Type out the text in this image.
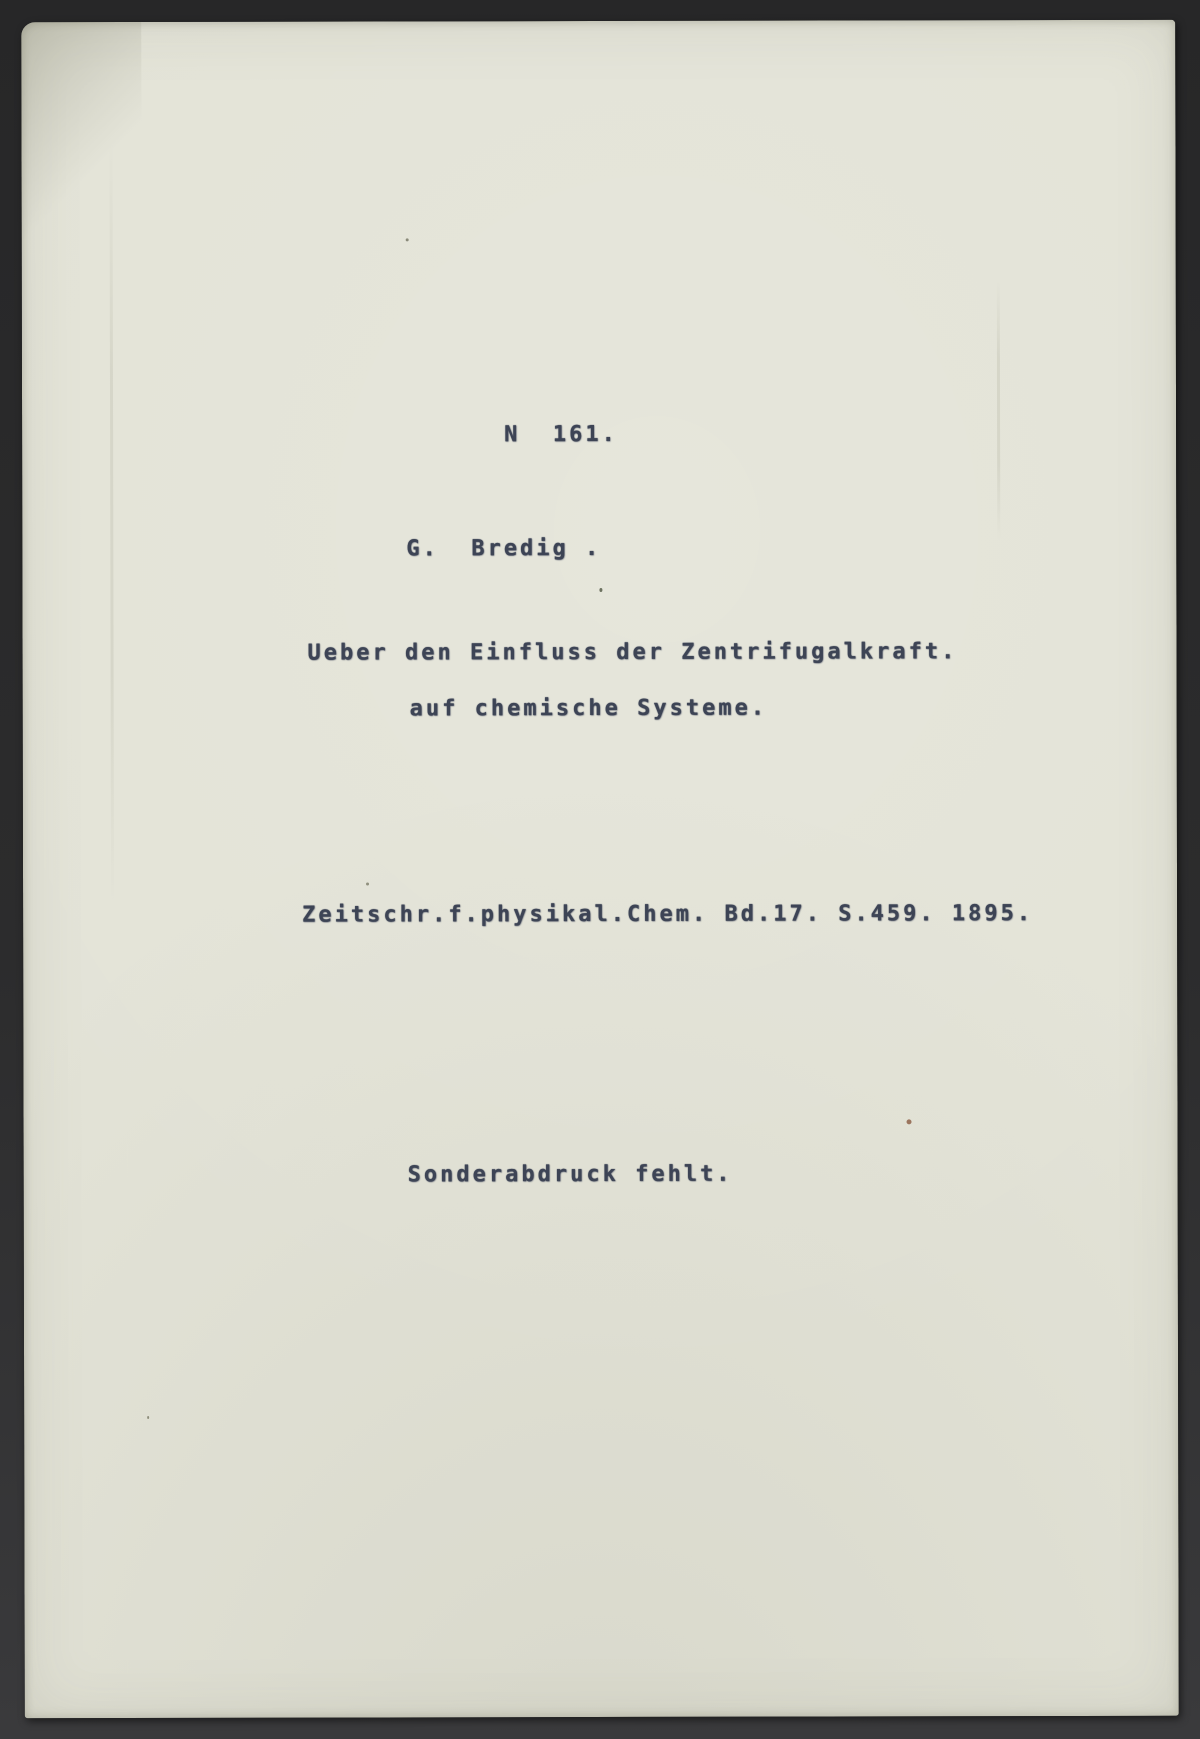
N  161.
G.  Bredig .
Ueber den Einfluss der Zentrifugalkraft.
auf chemische Systeme.
Zeitschr.f.physikal.Chem. Bd.17. S.459. 1895.
Sonderabdruck fehlt.
